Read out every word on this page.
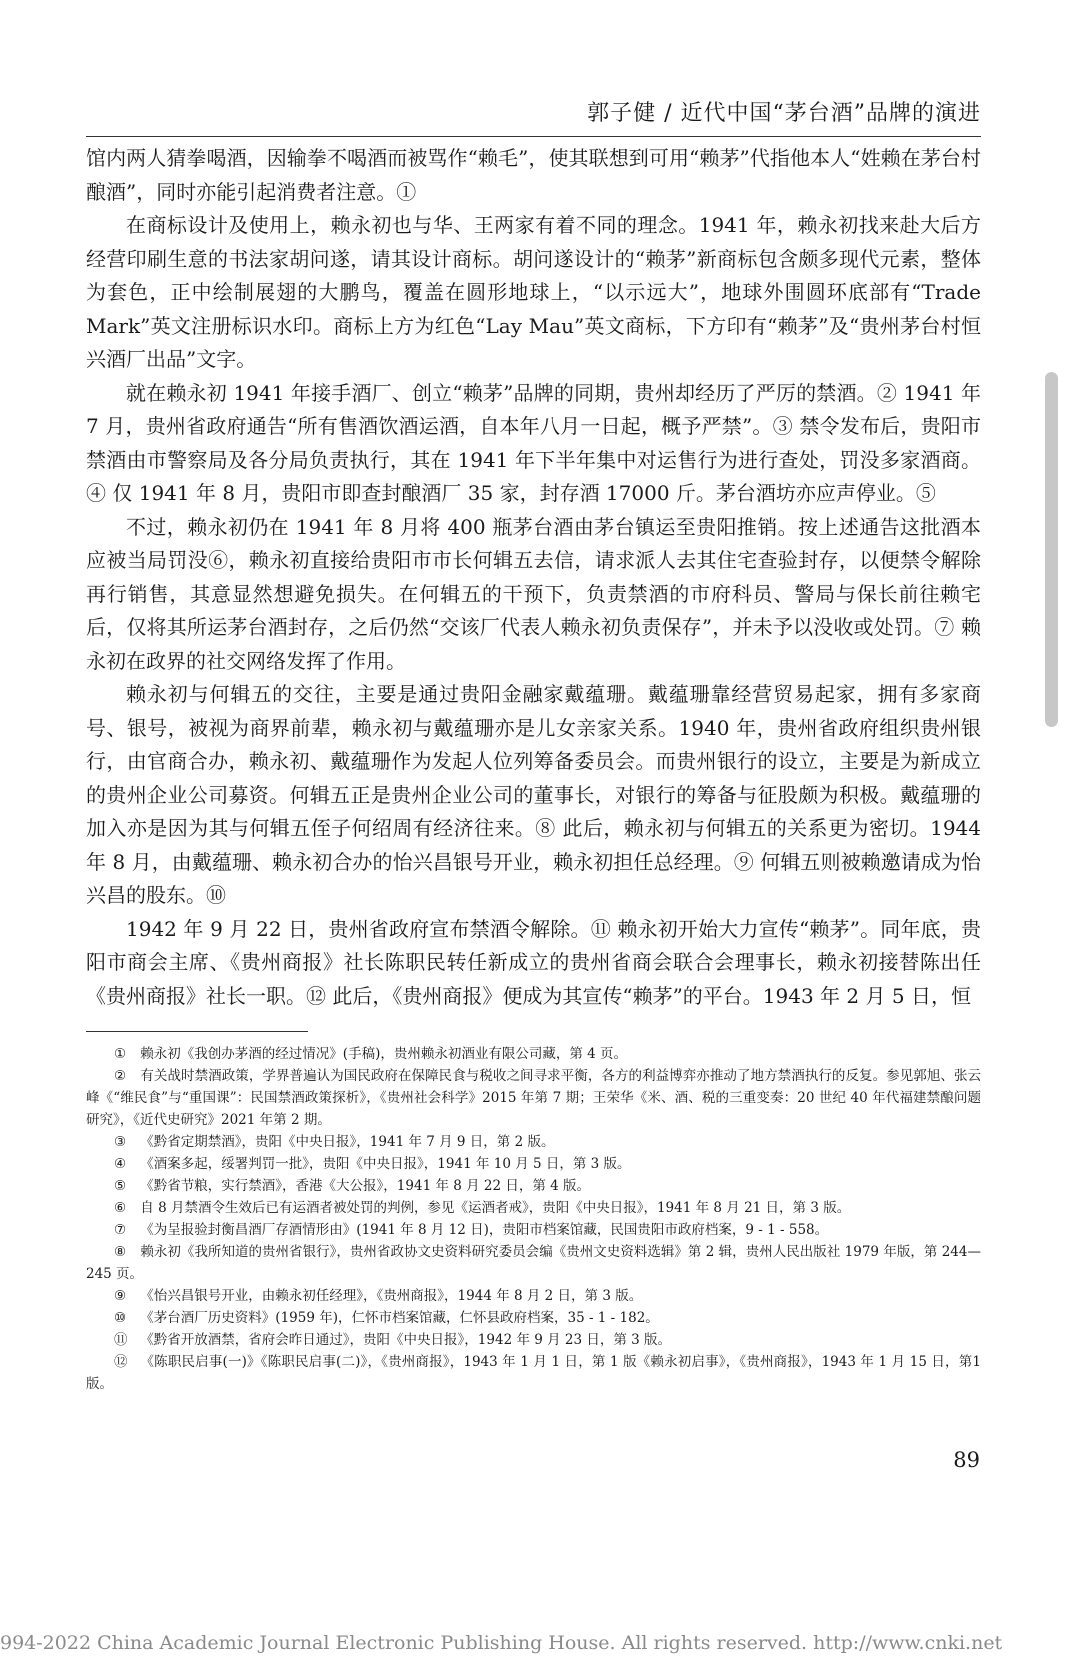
郭子健 / 近代中国“茅台酒”品牌的演进

馆内两人猜拳喝酒，因输拳不喝酒而被骂作“赖毛”，使其联想到可用“赖茅”代指他本人“姓赖在茅台村酿酒”，同时亦能引起消费者注意。①

在商标设计及使用上，赖永初也与华、王两家有着不同的理念。1941 年，赖永初找来赴大后方经营印刷生意的书法家胡问遂，请其设计商标。胡问遂设计的“赖茅”新商标包含颇多现代元素，整体为套色，正中绘制展翅的大鹏鸟，覆盖在圆形地球上，“以示远大”，地球外围圆环底部有“Trade Mark”英文注册标识水印。商标上方为红色“Lay Mau”英文商标，下方印有“赖茅”及“贵州茅台村恒兴酒厂出品”文字。

就在赖永初 1941 年接手酒厂、创立“赖茅”品牌的同期，贵州却经历了严厉的禁酒。② 1941 年 7 月，贵州省政府通告“所有售酒饮酒运酒，自本年八月一日起，概予严禁”。③ 禁令发布后，贵阳市禁酒由市警察局及各分局负责执行，其在 1941 年下半年集中对运售行为进行查处，罚没多家酒商。④ 仅 1941 年 8 月，贵阳市即查封酿酒厂 35 家，封存酒 17000 斤。茅台酒坊亦应声停业。⑤

不过，赖永初仍在 1941 年 8 月将 400 瓶茅台酒由茅台镇运至贵阳推销。按上述通告这批酒本应被当局罚没⑥，赖永初直接给贵阳市市长何辑五去信，请求派人去其住宅查验封存，以便禁令解除再行销售，其意显然想避免损失。在何辑五的干预下，负责禁酒的市府科员、警局与保长前往赖宅后，仅将其所运茅台酒封存，之后仍然“交该厂代表人赖永初负责保存”，并未予以没收或处罚。⑦ 赖永初在政界的社交网络发挥了作用。

赖永初与何辑五的交往，主要是通过贵阳金融家戴蕴珊。戴蕴珊靠经营贸易起家，拥有多家商号、银号，被视为商界前辈，赖永初与戴蕴珊亦是儿女亲家关系。1940 年，贵州省政府组织贵州银行，由官商合办，赖永初、戴蕴珊作为发起人位列筹备委员会。而贵州银行的设立，主要是为新成立的贵州企业公司募资。何辑五正是贵州企业公司的董事长，对银行的筹备与征股颇为积极。戴蕴珊的加入亦是因为其与何辑五侄子何绍周有经济往来。⑧ 此后，赖永初与何辑五的关系更为密切。1944 年 8 月，由戴蕴珊、赖永初合办的怡兴昌银号开业，赖永初担任总经理。⑨ 何辑五则被赖邀请成为怡兴昌的股东。⑩

1942 年 9 月 22 日，贵州省政府宣布禁酒令解除。⑪ 赖永初开始大力宣传“赖茅”。同年底，贵阳市商会主席、《贵州商报》社长陈职民转任新成立的贵州省商会联合会理事长，赖永初接替陈出任《贵州商报》社长一职。⑫ 此后，《贵州商报》便成为其宣传“赖茅”的平台。1943 年 2 月 5 日，恒

① 赖永初《我创办茅酒的经过情况》(手稿)，贵州赖永初酒业有限公司藏，第 4 页。

② 有关战时禁酒政策，学界普遍认为国民政府在保障民食与税收之间寻求平衡，各方的利益博弈亦推动了地方禁酒执行的反复。参见郭旭、张云峰《“维民食”与“重国课”：民国禁酒政策探析》，《贵州社会科学》2015 年第 7 期；王荣华《米、酒、税的三重变奏：20 世纪 40 年代福建禁酿问题研究》，《近代史研究》2021 年第 2 期。

③ 《黔省定期禁酒》，贵阳《中央日报》，1941 年 7 月 9 日，第 2 版。

④ 《酒案多起，绥署判罚一批》，贵阳《中央日报》，1941 年 10 月 5 日，第 3 版。

⑤ 《黔省节粮，实行禁酒》，香港《大公报》，1941 年 8 月 22 日，第 4 版。

⑥ 自 8 月禁酒令生效后已有运酒者被处罚的判例，参见《运酒者戒》，贵阳《中央日报》，1941 年 8 月 21 日，第 3 版。

⑦ 《为呈报验封衡昌酒厂存酒情形由》(1941 年 8 月 12 日)，贵阳市档案馆藏，民国贵阳市政府档案，9 - 1 - 558。

⑧ 赖永初《我所知道的贵州省银行》，贵州省政协文史资料研究委员会编《贵州文史资料选辑》第 2 辑，贵州人民出版社 1979 年版，第 244—245 页。

⑨ 《怡兴昌银号开业，由赖永初任经理》，《贵州商报》，1944 年 8 月 2 日，第 3 版。

⑩ 《茅台酒厂历史资料》(1959 年)，仁怀市档案馆藏，仁怀县政府档案，35 - 1 - 182。

⑪ 《黔省开放酒禁，省府会昨日通过》，贵阳《中央日报》，1942 年 9 月 23 日，第 3 版。

⑫ 《陈职民启事(一)》《陈职民启事(二)》，《贵州商报》，1943 年 1 月 1 日，第 1 版《赖永初启事》，《贵州商报》，1943 年 1 月 15 日，第1 版。

89
994-2022 China Academic Journal Electronic Publishing House. All rights reserved. http://www.cnki.net
